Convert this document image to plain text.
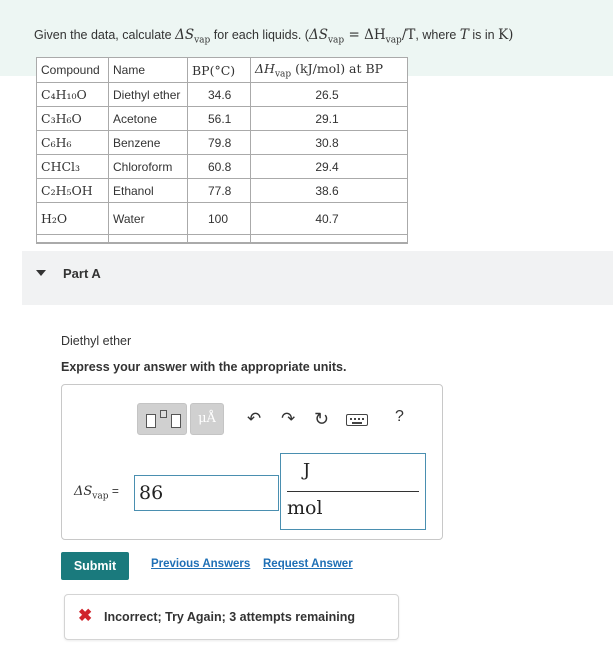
Given the data, calculate $\Delta S_{vap}$ for each liquids. ($\Delta S_{vap} = \Delta H_{vap}/T$, where T is in K)
Compound	Name	BP(°C)	$\Delta H_{vap}$ (kJ/mol) at BP
C₄H₁₀O	Diethyl ether	34.6	26.5
C₃H₆O	Acetone	56.1	29.1
C₆H₆	Benzene	79.8	30.8
CHCl₃	Chloroform	60.8	29.4
C₂H₅OH	Ethanol	77.8	38.6
H₂O	Water	100	40.7

Part A
Diethyl ether
Express your answer with the appropriate units.
μÅ	↶ ↷ ↻	?
$\Delta S_{vap}$ =
86
J
mol
Submit	Previous Answers Request Answer
✖ Incorrect; Try Again; 3 attempts remaining
